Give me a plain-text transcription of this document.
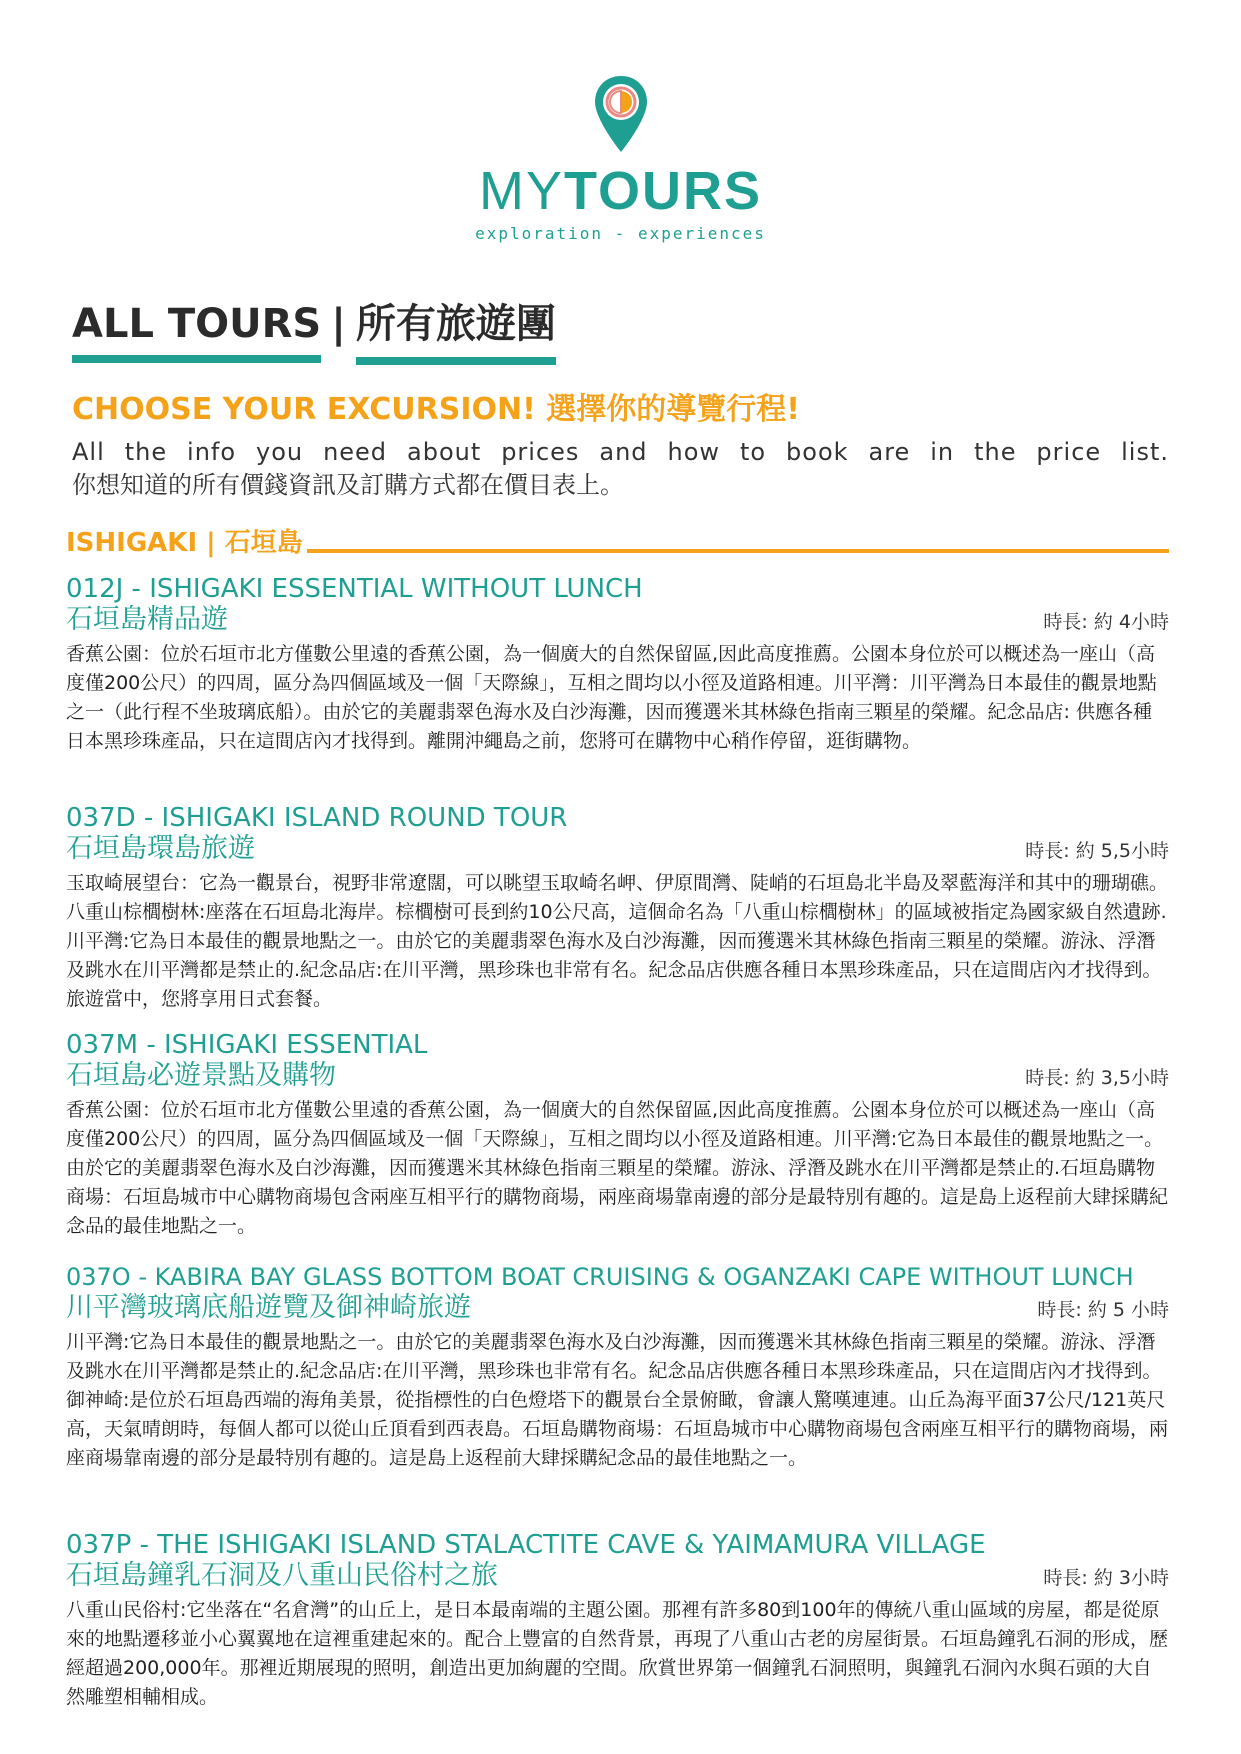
MYTOURS
exploration - experiences
ALL TOURS | 所有旅遊團
CHOOSE YOUR EXCURSION! 選擇你的導覽行程!
All the info you need about prices and how to book are in the price list.
你想知道的所有價錢資訊及訂購方式都在價目表上。
ISHIGAKI | 石垣島
012J - ISHIGAKI ESSENTIAL WITHOUT LUNCH
石垣島精品遊	時長: 約 4小時
香蕉公園：位於石垣市北方僅數公里遠的香蕉公園，為一個廣大的自然保留區,因此高度推薦。公園本身位於可以概述為一座山（高度僅200公尺）的四周，區分為四個區域及一個「天際線」，互相之間均以小徑及道路相連。川平灣：川平灣為日本最佳的觀景地點之一（此行程不坐玻璃底船）。由於它的美麗翡翠色海水及白沙海灘，因而獲選米其林綠色指南三顆星的榮耀。紀念品店: 供應各種日本黑珍珠產品，只在這間店內才找得到。離開沖繩島之前，您將可在購物中心稍作停留，逛街購物。
037D - ISHIGAKI ISLAND ROUND TOUR
石垣島環島旅遊	時長: 約 5,5小時
玉取崎展望台：它為一觀景台，視野非常遼闊，可以眺望玉取崎名岬、伊原間灣、陡峭的石垣島北半島及翠藍海洋和其中的珊瑚礁。八重山棕櫚樹林:座落在石垣島北海岸。棕櫚樹可長到約10公尺高，這個命名為「八重山棕櫚樹林」的區域被指定為國家級自然遺跡.川平灣:它為日本最佳的觀景地點之一。由於它的美麗翡翠色海水及白沙海灘，因而獲選米其林綠色指南三顆星的榮耀。游泳、浮潛及跳水在川平灣都是禁止的.紀念品店:在川平灣，黑珍珠也非常有名。紀念品店供應各種日本黑珍珠產品，只在這間店內才找得到。旅遊當中，您將享用日式套餐。
037M - ISHIGAKI ESSENTIAL
石垣島必遊景點及購物	時長: 約 3,5小時
香蕉公園：位於石垣市北方僅數公里遠的香蕉公園，為一個廣大的自然保留區,因此高度推薦。公園本身位於可以概述為一座山（高度僅200公尺）的四周，區分為四個區域及一個「天際線」，互相之間均以小徑及道路相連。川平灣:它為日本最佳的觀景地點之一。由於它的美麗翡翠色海水及白沙海灘，因而獲選米其林綠色指南三顆星的榮耀。游泳、浮潛及跳水在川平灣都是禁止的.石垣島購物商場：石垣島城市中心購物商場包含兩座互相平行的購物商場，兩座商場靠南邊的部分是最特別有趣的。這是島上返程前大肆採購紀念品的最佳地點之一。
037O - KABIRA BAY GLASS BOTTOM BOAT CRUISING & OGANZAKI CAPE WITHOUT LUNCH
川平灣玻璃底船遊覽及御神崎旅遊	時長: 約 5 小時
川平灣:它為日本最佳的觀景地點之一。由於它的美麗翡翠色海水及白沙海灘，因而獲選米其林綠色指南三顆星的榮耀。游泳、浮潛及跳水在川平灣都是禁止的.紀念品店:在川平灣，黑珍珠也非常有名。紀念品店供應各種日本黑珍珠產品，只在這間店內才找得到。御神崎:是位於石垣島西端的海角美景，從指標性的白色燈塔下的觀景台全景俯瞰，會讓人驚嘆連連。山丘為海平面37公尺/121英尺高，天氣晴朗時，每個人都可以從山丘頂看到西表島。石垣島購物商場：石垣島城市中心購物商場包含兩座互相平行的購物商場，兩座商場靠南邊的部分是最特別有趣的。這是島上返程前大肆採購紀念品的最佳地點之一。
037P - THE ISHIGAKI ISLAND STALACTITE CAVE & YAIMAMURA VILLAGE
石垣島鐘乳石洞及八重山民俗村之旅	時長: 約 3小時
八重山民俗村:它坐落在“名倉灣”的山丘上，是日本最南端的主題公園。那裡有許多80到100年的傳統八重山區域的房屋，都是從原來的地點遷移並小心翼翼地在這裡重建起來的。配合上豐富的自然背景，再現了八重山古老的房屋街景。石垣島鐘乳石洞的形成，歷經超過200,000年。那裡近期展現的照明，創造出更加絢麗的空間。欣賞世界第一個鐘乳石洞照明，與鐘乳石洞內水與石頭的大自然雕塑相輔相成。
